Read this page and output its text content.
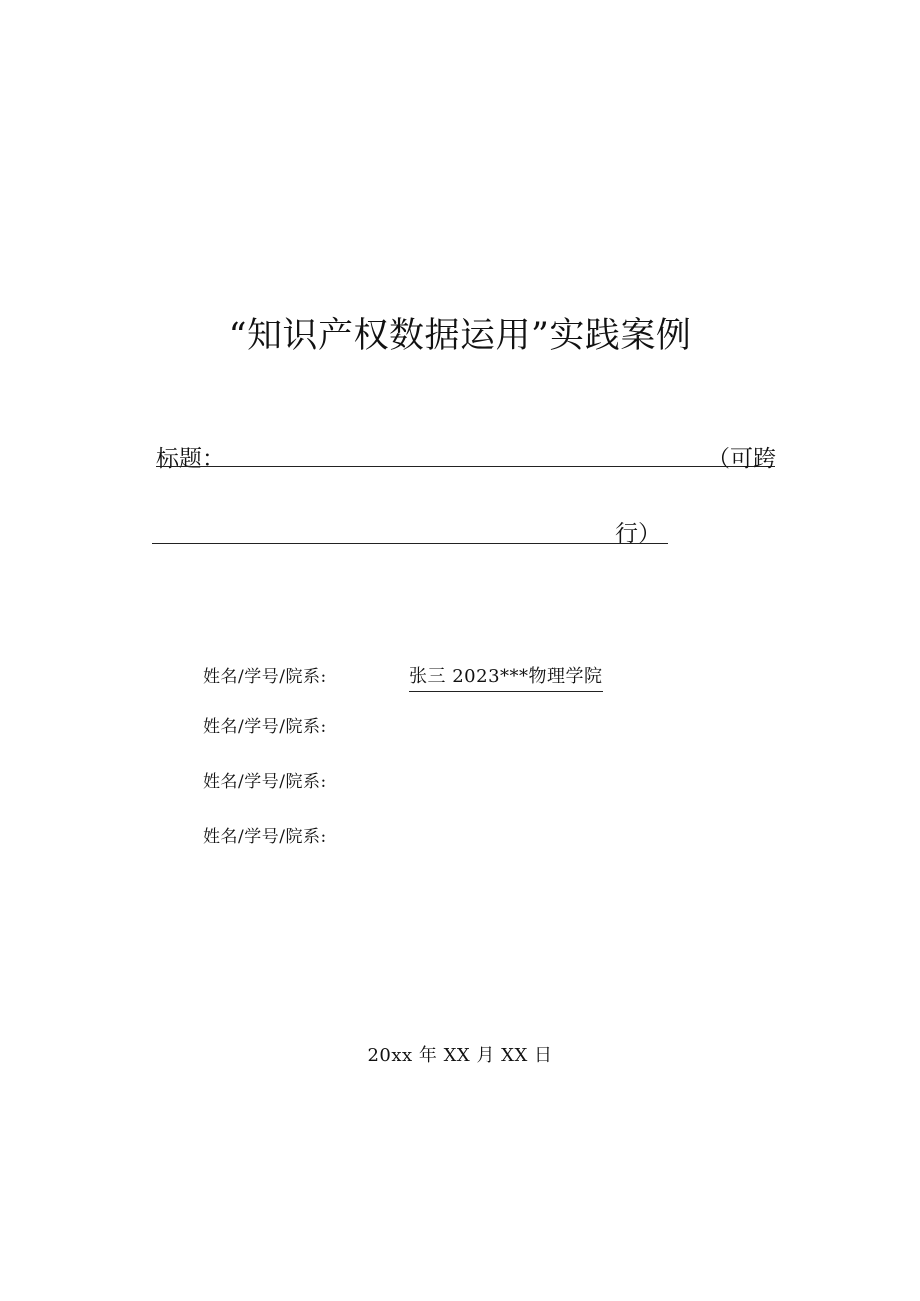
“知识产权数据运用”实践案例
标题：	（可跨
行）
姓名/学号/院系:	张三 2023***物理学院
姓名/学号/院系:
姓名/学号/院系:
姓名/学号/院系:
20xx 年 XX 月 XX 日
